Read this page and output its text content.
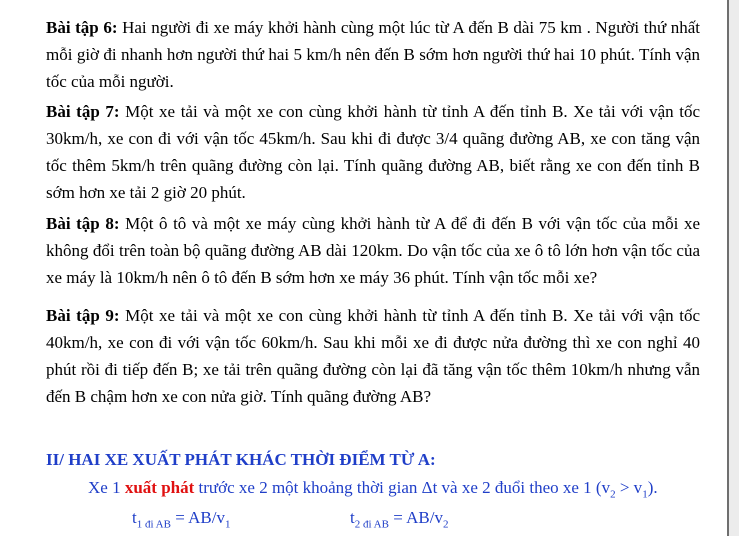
Bài tập 6: Hai người đi xe máy khởi hành cùng một lúc từ A đến B dài 75 km . Người thứ nhất
mỗi giờ đi nhanh hơn người thứ hai 5 km/h nên đến B sớm hơn người thứ hai 10 phút. Tính vận
tốc của mỗi người.
Bài tập 7: Một xe tải và một xe con cùng khởi hành từ tỉnh A đến tỉnh B. Xe tải với vận tốc
30km/h, xe con đi với vận tốc 45km/h. Sau khi đi được 3/4 quãng đường AB, xe con tăng vận
tốc thêm 5km/h trên quãng đường còn lại. Tính quãng đường AB, biết rằng xe con đến tỉnh B
sớm hơn xe tải 2 giờ 20 phút.
Bài tập 8: Một ô tô và một xe máy cùng khởi hành từ A để đi đến B với vận tốc của mỗi xe
không đổi trên toàn bộ quãng đường AB dài 120km. Do vận tốc của xe ô tô lớn hơn vận tốc của
xe máy là 10km/h nên ô tô đến B sớm hơn xe máy 36 phút. Tính vận tốc mỗi xe?
Bài tập 9: Một xe tải và một xe con cùng khởi hành từ tỉnh A đến tỉnh B. Xe tải với vận tốc
40km/h, xe con đi với vận tốc 60km/h. Sau khi mỗi xe đi được nửa đường thì xe con nghỉ 40
phút rồi đi tiếp đến B; xe tải trên quãng đường còn lại đã tăng vận tốc thêm 10km/h nhưng vẫn
đến B chậm hơn xe con nửa giờ. Tính quãng đường AB?
II/ HAI XE XUẤT PHÁT KHÁC THỜI ĐIỂM TỪ A:
Xe 1 xuất phát trước xe 2 một khoảng thời gian Δt và xe 2 đuổi theo xe 1 $(v_2 > v_1)$.
$t_{1 đi AB} = AB/v_1$	$t_{2 đi AB} = AB/v_2$
